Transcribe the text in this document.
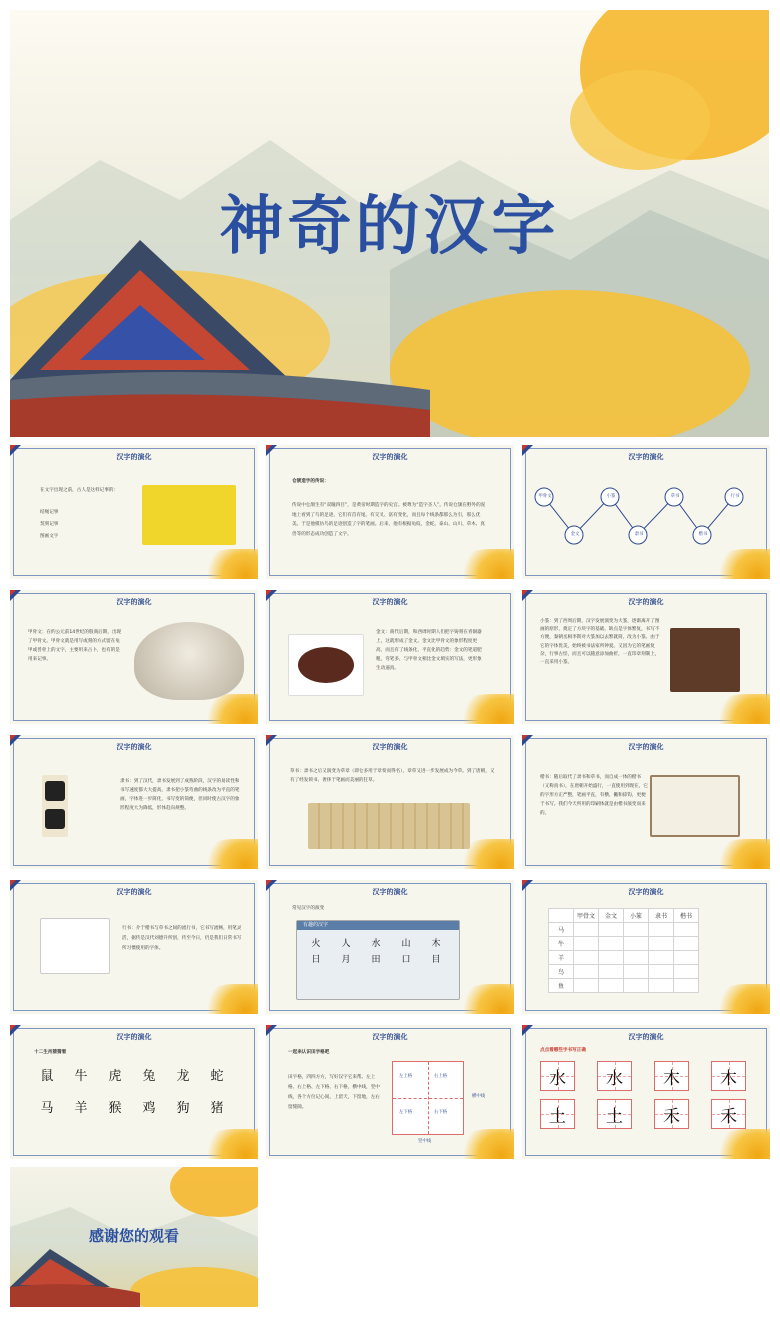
神奇的汉字
汉字的演化
在文字出现之前，古人是这样记事的：
结绳记事
契刻记事
图画文字
汉字的演化
仓颉造字的传说：
传说中仓颉生有“双瞳四目”，是黄帝时期造字的史官。被尊为“造字圣人”。传说仓颉在野外的泥地上看到了鸟的足迹，它们有首有尾、有交叉、富有变化，而且每个线条都那么为引，那么优美。于是他模仿鸟的足迹创造了字的笔画。后来，他有根据龟纹、金蛇、泰山、山川、草木、真兽等的形态成功创造了文字。
汉字的演化
甲骨文	小篆	草书	行书
金文	隶书	楷书
汉字的演化
甲骨文：在约公元前14世纪的殷商后期，出现了甲骨文。甲骨文就是用写或刻的方式留在龟甲或兽骨上的文字，主要用来占卜，也有的是用来记事。
汉字的演化
金文：商代后期，和西周时期人们把字铸刻在青铜器上，这就形成了金文。金文比甲骨文的象形程度更高，而且有了线条化、平直化的趋势：金文的笔道肥粗，弯笔多，与甲骨文相比金文填实的写法，更形象生动逼真。
汉字的演化
小篆：到了西周后期，汉字发展演变为大篆，逐渐离开了图画的原形，奠定了方块字的基础。缺点是字体繁复，书写不方便，秦朝丞相李斯对大篆加以去繁就简，改为小篆。由于它的字体优美，始终被书法家所钟爱。又因为它的笔画复杂，行事古怪，而且可以随意添加曲折，一直印章刻制上，一直采用小篆。
汉字的演化
隶书：到了汉代，隶书发展到了成熟阶段，汉字的易读性和书写速度都大大提高。隶书把小篆弯曲的线条改为平直的笔画，字体进一步简化，书写变的简便，但同时使古汉字的象形程度大为降低，形体趋向规整。
汉字的演化
草书：隶书之后又演变为草章（即仓多用于章奏而得名），章草又进一步发展成为今草。到了唐朝，又有了经发锁书、奢侈于笔画而美丽的狂草。
汉字的演化
楷书：随后取代了隶书和草书，而自成一体的楷书（又称真书），在唐朝开始盛行，一直使用到现在，它的字形方正严整，笔画平直，有横、撇和捺钩，更便于书写。我们今天所用的印刷体就是由楷书演变而来的。
汉字的演化
行书：介于楷书与草书之间的流行书，它书写流畅，用笔灵活，据传是汉代刘德升所创，传至今日，仍是我们日常书写所习惯使用的字体。
汉字的演化
常见汉字的演变
有趣的汉字
火	人	水	山	木
日	月	田	口	目
汉字的演化
	甲骨文	金文	小篆	隶书	楷书
马					
牛					
羊					
鸟					
鱼					
汉字的演化
十二生肖猜猜看
鼠	牛	虎	兔	龙	蛇
马	羊	猴	鸡	狗	猪
汉字的演化
一起来认识田字格吧
田字格，四四方方，写好汉字它来帮。左上格、右上格、左下格、右下格，横中线，竖中线，各个方位记心间。上留天，下留地，左右留缝隙。
左上格	右上格
左下格	右下格
横中线
竖中线
汉字的演化
点点看哪些字书写正确
水 水 木 木
土 土 禾 禾
感谢您的观看
